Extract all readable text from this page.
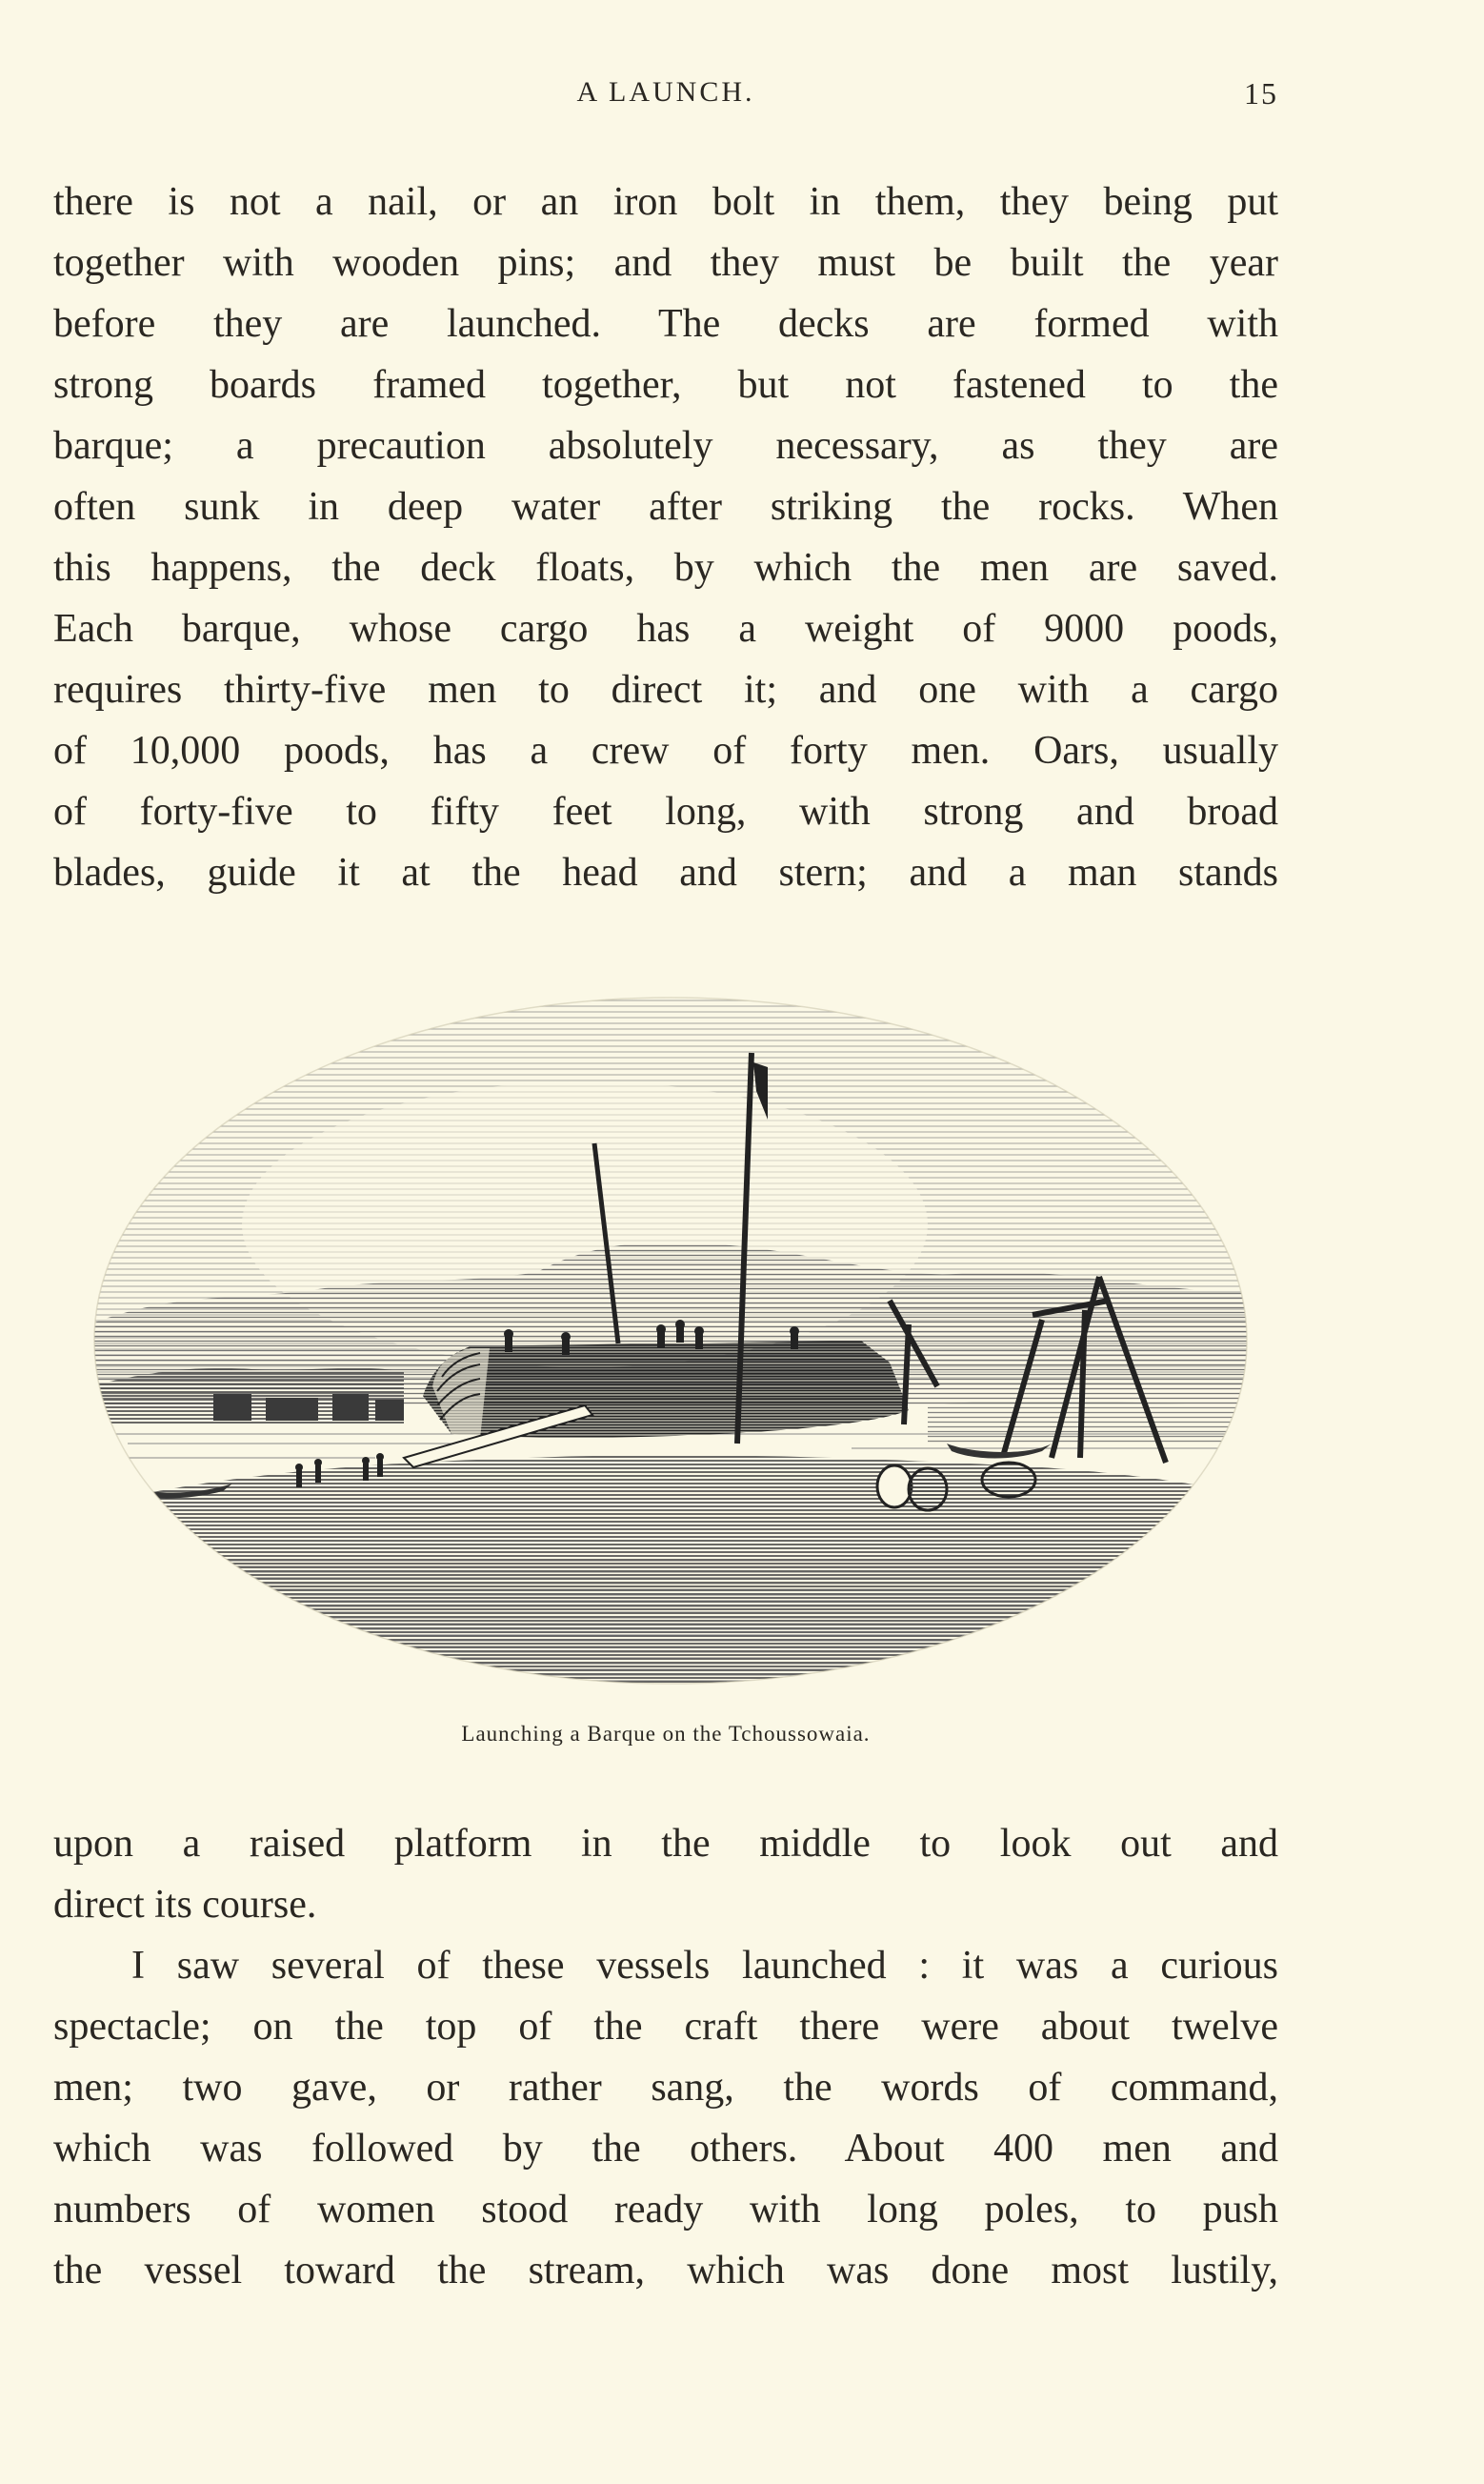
A LAUNCH.	15

there is not a nail, or an iron bolt in them, they being put
together with wooden pins; and they must be built the year
before they are launched. The decks are formed with
strong boards framed together, but not fastened to the
barque; a precaution absolutely necessary, as they are
often sunk in deep water after striking the rocks. When
this happens, the deck floats, by which the men are saved.
Each barque, whose cargo has a weight of 9000 poods,
requires thirty-five men to direct it; and one with a cargo
of 10,000 poods, has a crew of forty men. Oars, usually
of forty-five to fifty feet long, with strong and broad
blades, guide it at the head and stern; and a man stands

Launching a Barque on the Tchoussowaia.

upon a raised platform in the middle to look out and
direct its course.

I saw several of these vessels launched : it was a curious
spectacle; on the top of the craft there were about twelve
men; two gave, or rather sang, the words of command,
which was followed by the others. About 400 men and
numbers of women stood ready with long poles, to push
the vessel toward the stream, which was done most lustily,
